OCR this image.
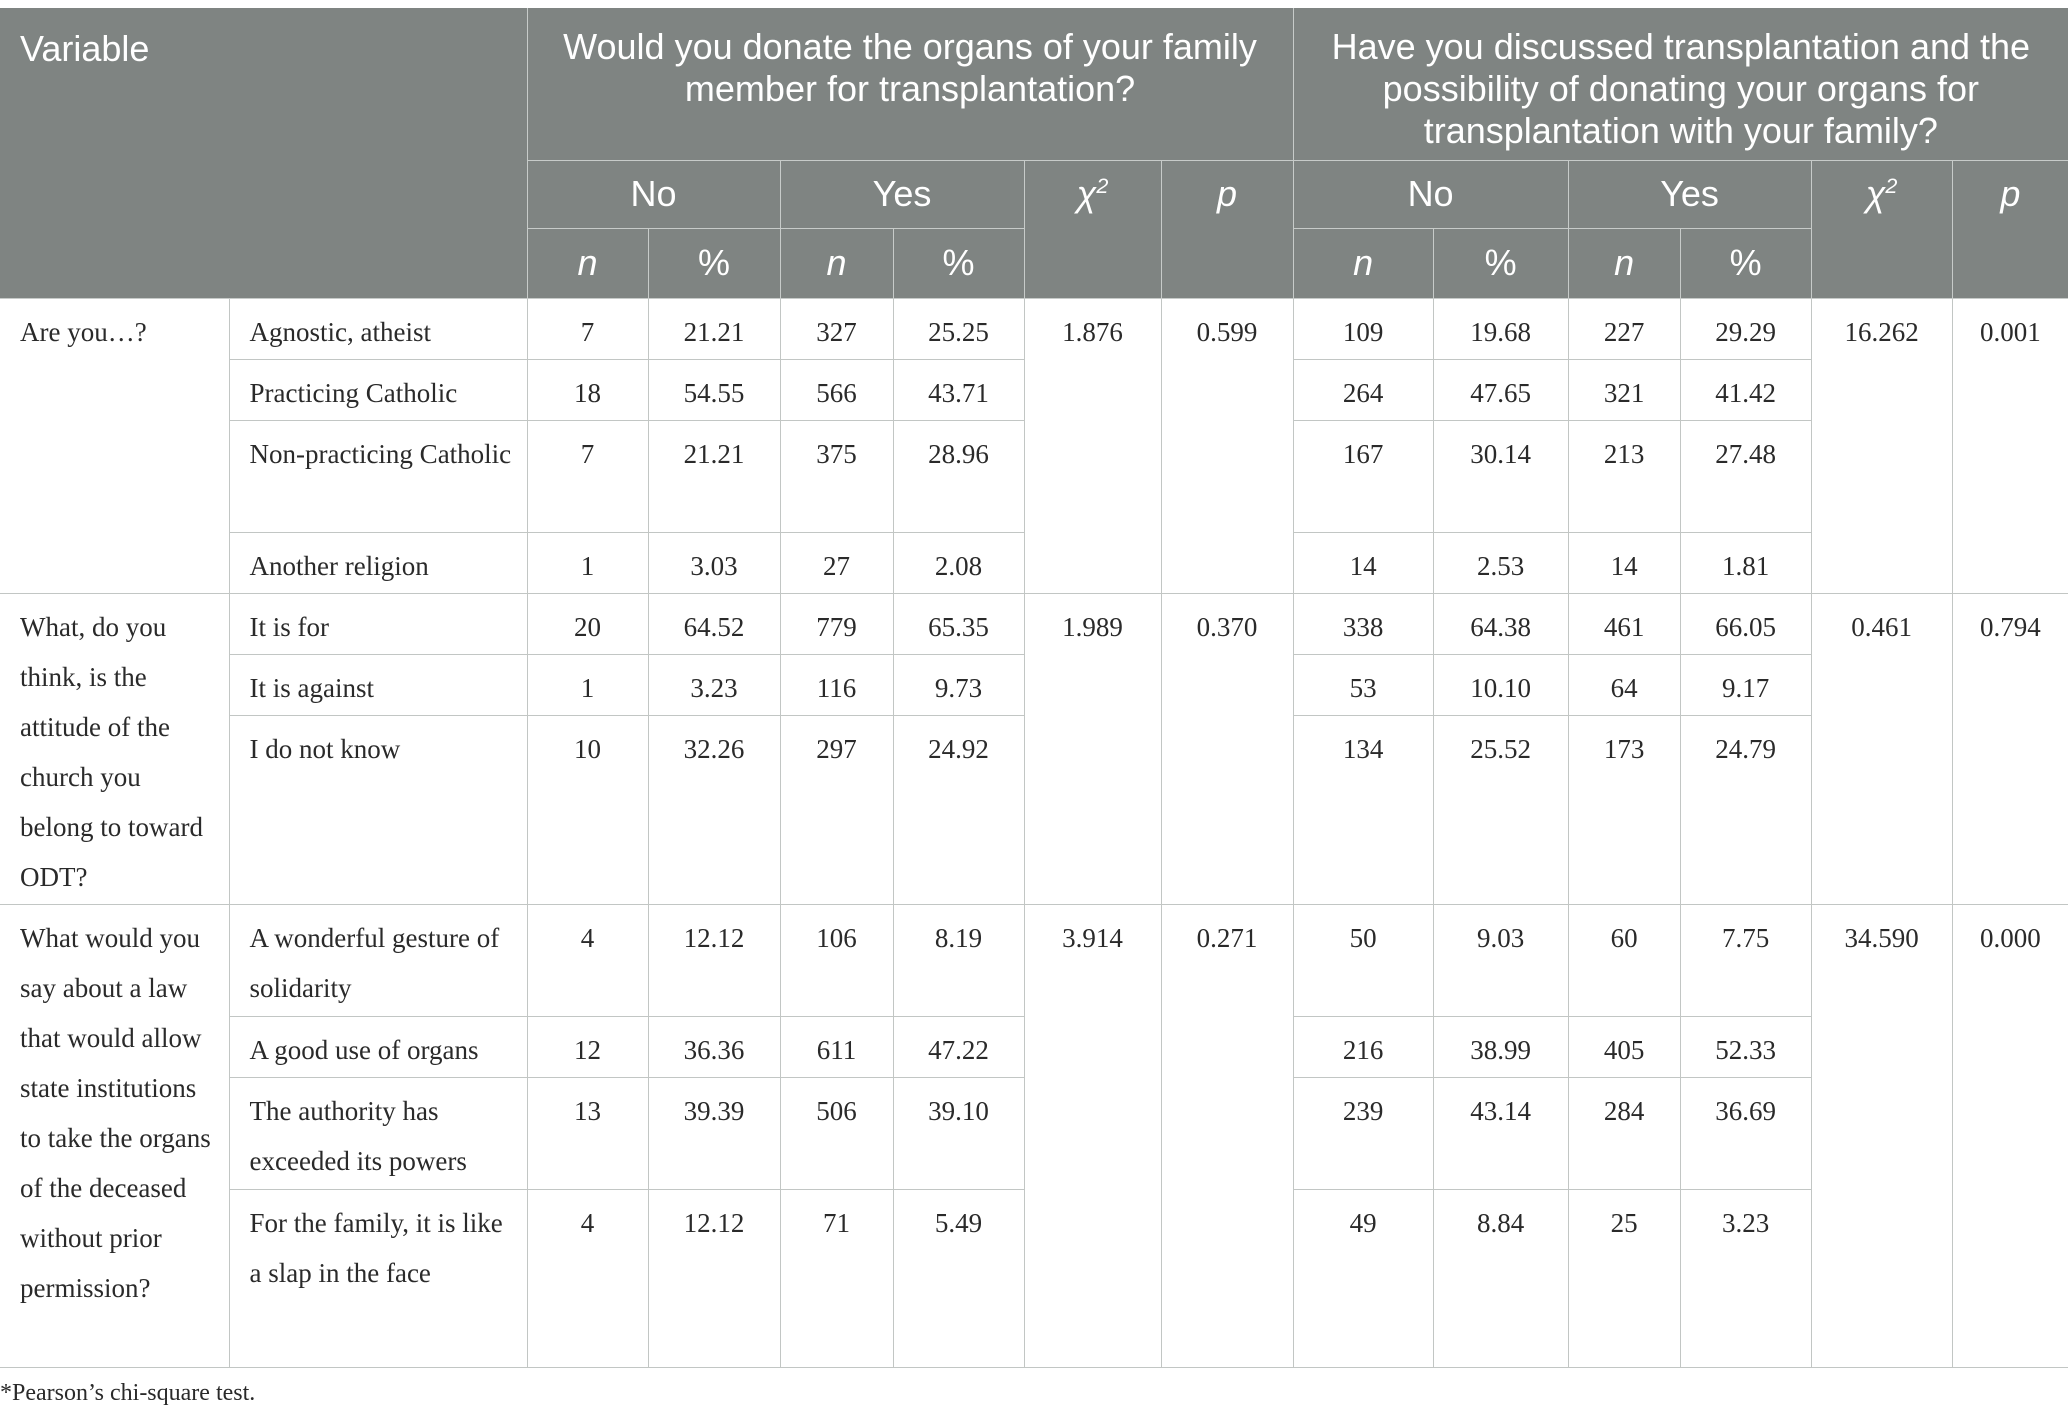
Variable		Would you donate the organs of your family member for transplantation?						Have you discussed transplantation and the possibility of donating your organs for transplantation with your family?					
		No		Yes		$\chi^2$	p	No		Yes		$\chi^2$	p
		n	%	n	%			n	%	n	%		
Are you…?	Agnostic, atheist	7	21.21	327	25.25	1.876	0.599	109	19.68	227	29.29	16.262	0.001
	Practicing Catholic	18	54.55	566	43.71			264	47.65	321	41.42		
	Non-practicing Catholic	7	21.21	375	28.96			167	30.14	213	27.48		
	Another religion	1	3.03	27	2.08			14	2.53	14	1.81		
What, do you think, is the attitude of the church you belong to toward ODT?	It is for	20	64.52	779	65.35	1.989	0.370	338	64.38	461	66.05	0.461	0.794
	It is against	1	3.23	116	9.73			53	10.10	64	9.17		
	I do not know	10	32.26	297	24.92			134	25.52	173	24.79		
What would you say about a law that would allow state institutions to take the organs of the deceased without prior permission?	A wonderful gesture of solidarity	4	12.12	106	8.19	3.914	0.271	50	9.03	60	7.75	34.590	0.000
	A good use of organs	12	36.36	611	47.22			216	38.99	405	52.33		
	The authority has exceeded its powers	13	39.39	506	39.10			239	43.14	284	36.69		
	For the family, it is like a slap in the face	4	12.12	71	5.49			49	8.84	25	3.23		
*Pearson’s chi-square test.
